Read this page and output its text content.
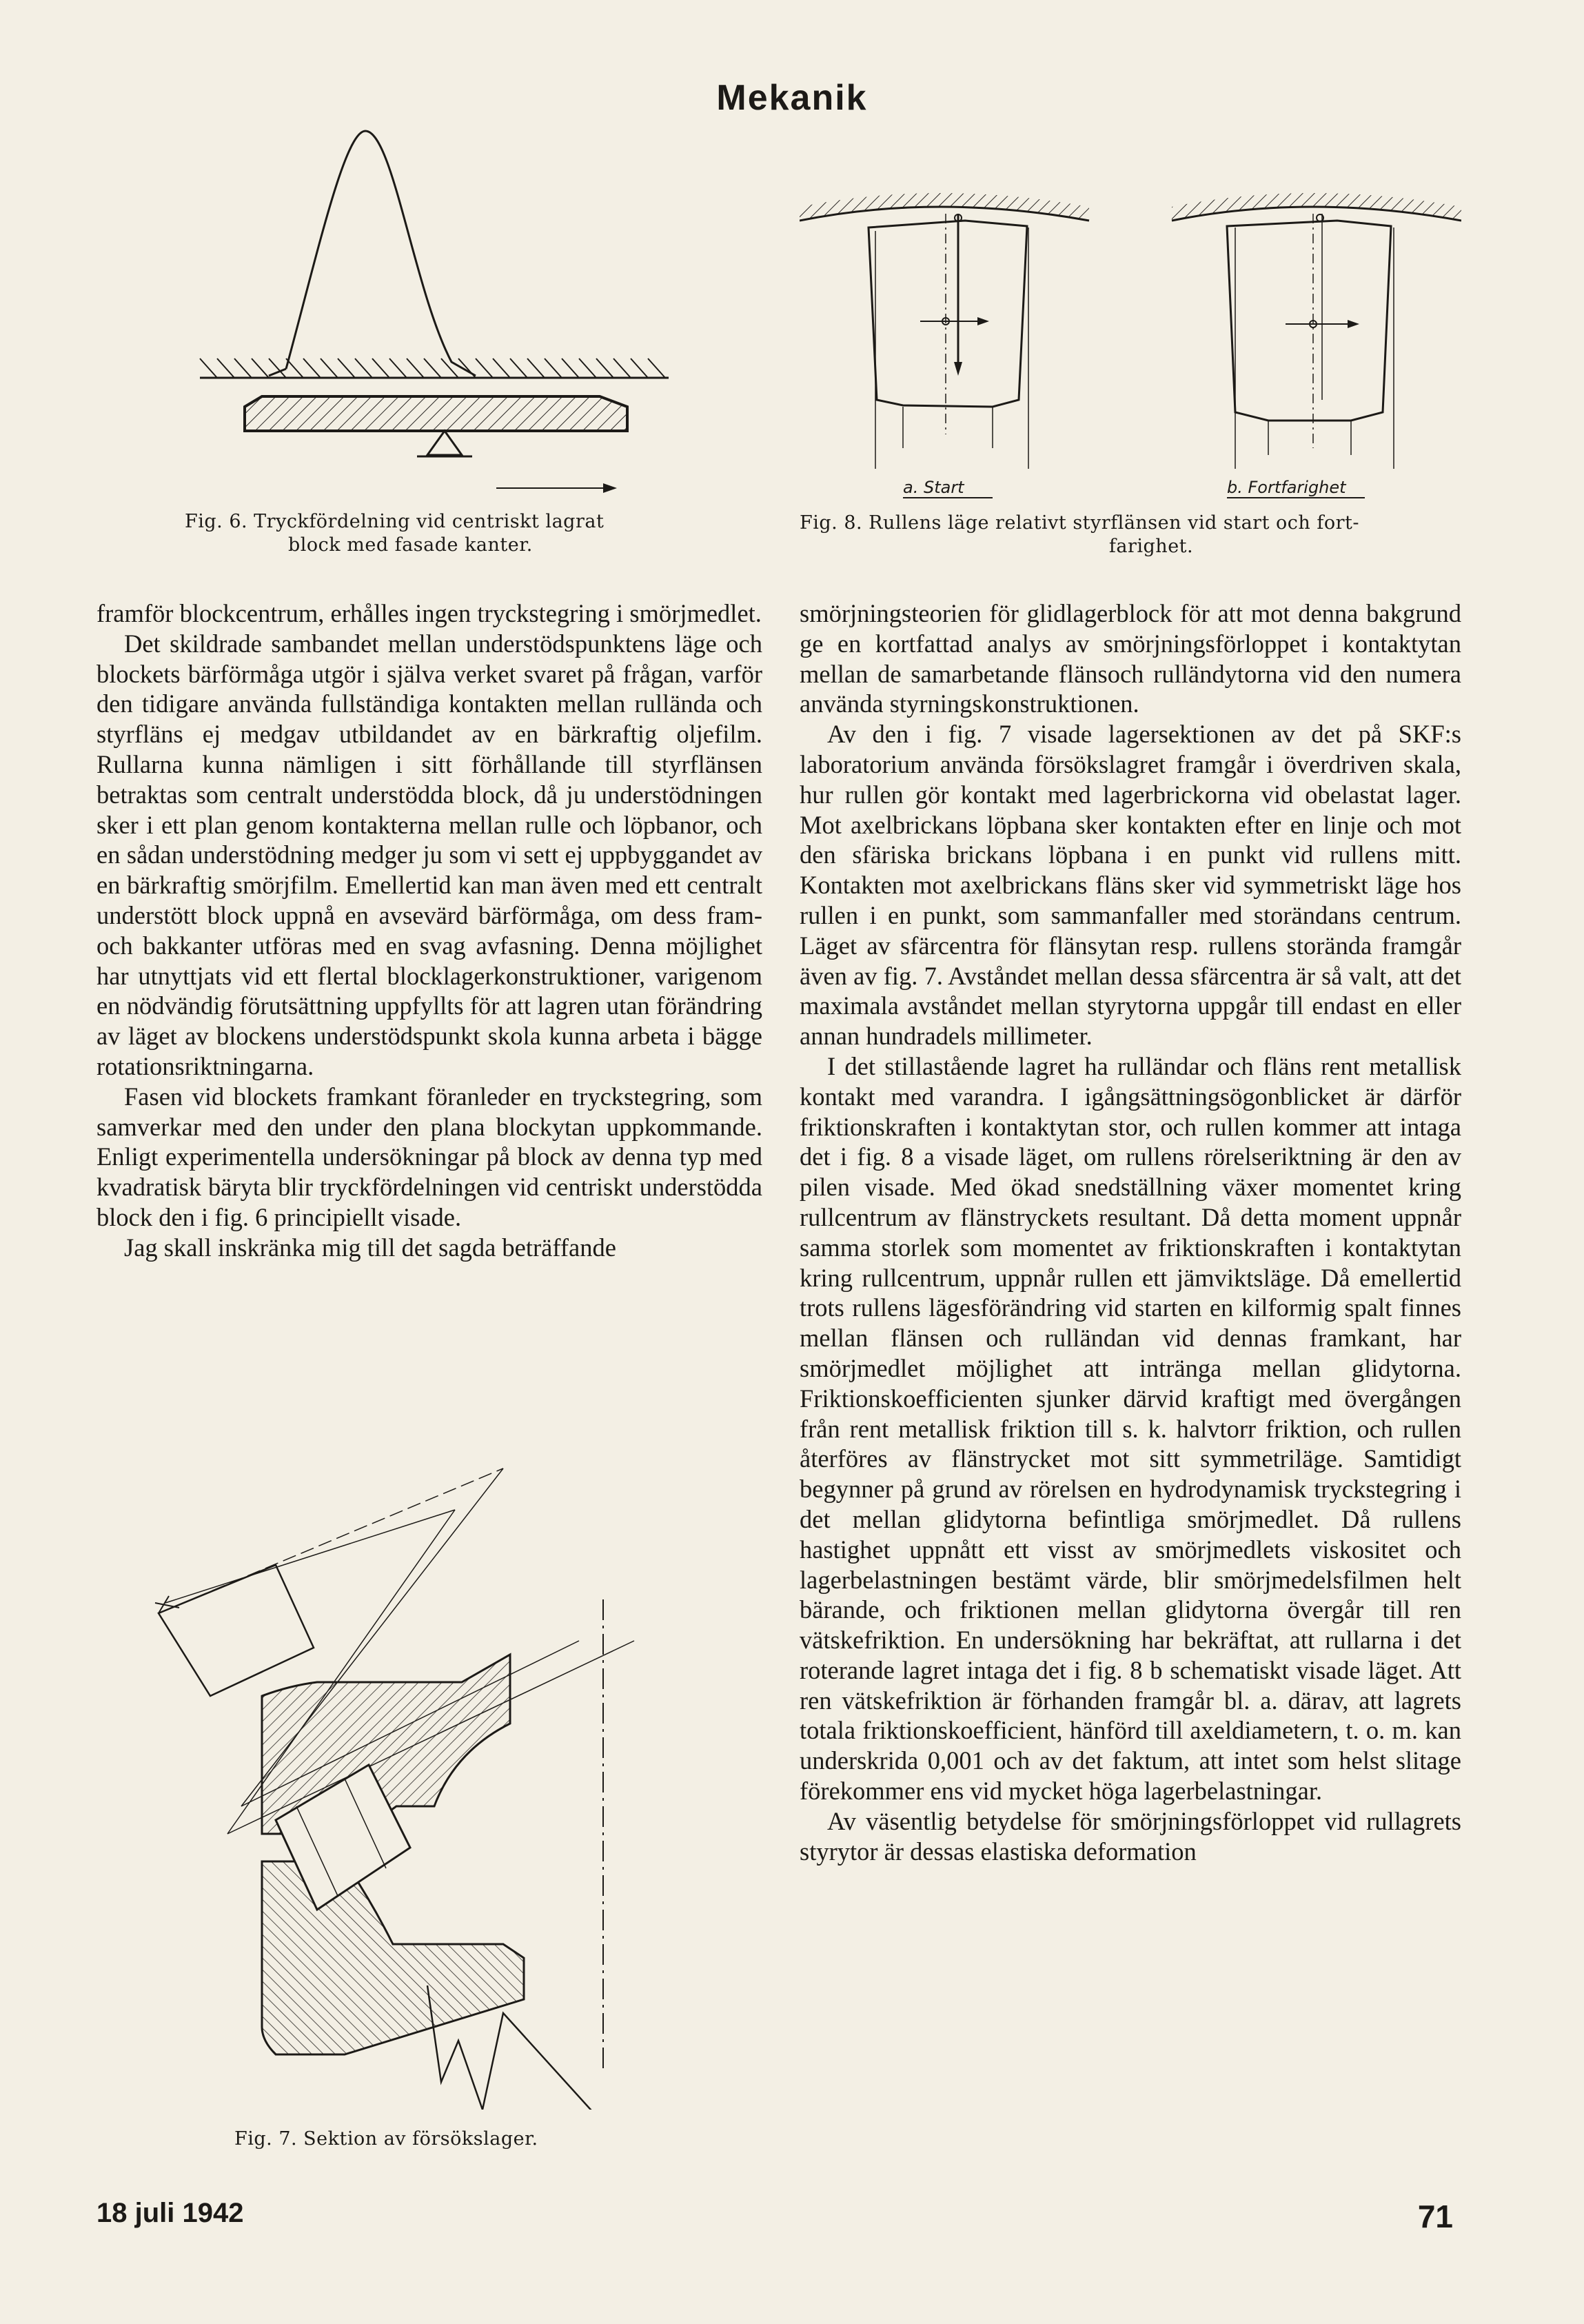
Mekanik
Fig. 6. Tryckfördelning vid centriskt lagrat
block med fasade kanter.
a. Start	b. Fortfarighet
Fig. 8. Rullens läge relativt styrflänsen vid start och fort-
farighet.
Fig. 7. Sektion av försökslager.

framför blockcentrum, erhålles ingen tryckstegring i smörjmedlet.

Det skildrade sambandet mellan understödspunktens läge och blockets bärförmåga utgör i själva verket svaret på frågan, varför den tidigare använda fullständiga kontakten mellan rulländа och styrfläns ej medgav utbildandet av en bärkraftig oljefilm. Rullarna kunna nämligen i sitt förhållande till styrflänsen betraktas som centralt understödda block, då ju understödningen sker i ett plan genom kontakterna mellan rulle och löpbanor, och en sådan understödning medger ju som vi sett ej uppbyggandet av en bärkraftig smörjfilm. Emellertid kan man även med ett centralt understött block uppnå en avsevärd bärförmåga, om dess fram- och bakkanter utföras med en svag avfasning. Denna möjlighet har utnyttjats vid ett flertal blocklagerkonstruktioner, varigenom en nödvändig förutsättning uppfyllts för att lagren utan förändring av läget av blockens understödspunkt skola kunna arbeta i bägge rotationsriktningarna.

Fasen vid blockets framkant föranleder en tryckstegring, som samverkar med den under den plana blockytan uppkommande. Enligt experimentella undersökningar på block av denna typ med kvadratisk bäryta blir tryckfördelningen vid centriskt understödda block den i fig. 6 principiellt visade.

Jag skall inskränka mig till det sagda beträffande

smörjningsteorien för glidlagerblock för att mot denna bakgrund ge en kortfattad analys av smörjningsförloppet i kontaktytan mellan de samarbetande flänsoch rulländytorna vid den numera använda styrningskonstruktionen.

Av den i fig. 7 visade lagersektionen av det på SKF:s laboratorium använda försökslagret framgår i överdriven skala, hur rullen gör kontakt med lagerbrickorna vid obelastat lager. Mot axelbrickans löpbana sker kontakten efter en linje och mot den sfäriska brickans löpbana i en punkt vid rullens mitt. Kontakten mot axelbrickans fläns sker vid symmetriskt läge hos rullen i en punkt, som sammanfaller med storändans centrum. Läget av sfärcentra för flänsytan resp. rullens storända framgår även av fig. 7. Avståndet mellan dessa sfärcentra är så valt, att det maximala avståndet mellan styrytorna uppgår till endast en eller annan hundradels millimeter.

I det stillastående lagret ha rulländar och fläns rent metallisk kontakt med varandra. I igångsättningsögonblicket är därför friktionskraften i kontaktytan stor, och rullen kommer att intaga det i fig. 8 a visade läget, om rullens rörelseriktning är den av pilen visade. Med ökad snedställning växer momentet kring rullcentrum av flänstryckets resultant. Då detta moment uppnår samma storlek som momentet av friktionskraften i kontaktytan kring rullcentrum, uppnår rullen ett jämviktsläge. Då emellertid trots rullens lägesförändring vid starten en kilformig spalt finnes mellan flänsen och rulländan vid dennas framkant, har smörjmedlet möjlighet att inträngа mellan glidytorna. Friktionskoefficienten sjunker därvid kraftigt med övergången från rent metallisk friktion till s. k. halvtorr friktion, och rullen återföres av flänstrycket mot sitt symmetriläge. Samtidigt begynner på grund av rörelsen en hydrodynamisk tryckstegring i det mellan glidytorna befintliga smörjmedlet. Då rullens hastighet uppnått ett visst av smörjmedlets viskositet och lagerbelastningen bestämt värde, blir smörjmedelsfilmen helt bärande, och friktionen mellan glidytorna övergår till ren vätskefriktion. En undersökning har bekräftat, att rullarna i det roterande lagret intaga det i fig. 8 b schematiskt visade läget. Att ren vätskefriktion är förhanden framgår bl. a. därav, att lagrets totala friktionskoefficient, hänförd till axeldiametern, t. o. m. kan underskrida 0,001 och av det faktum, att intet som helst slitage förekommer ens vid mycket höga lagerbelastningar.

Av väsentlig betydelse för smörjningsförloppet vid rullagrets styrytor är dessas elastiska deformation

18 juli 1942	71
